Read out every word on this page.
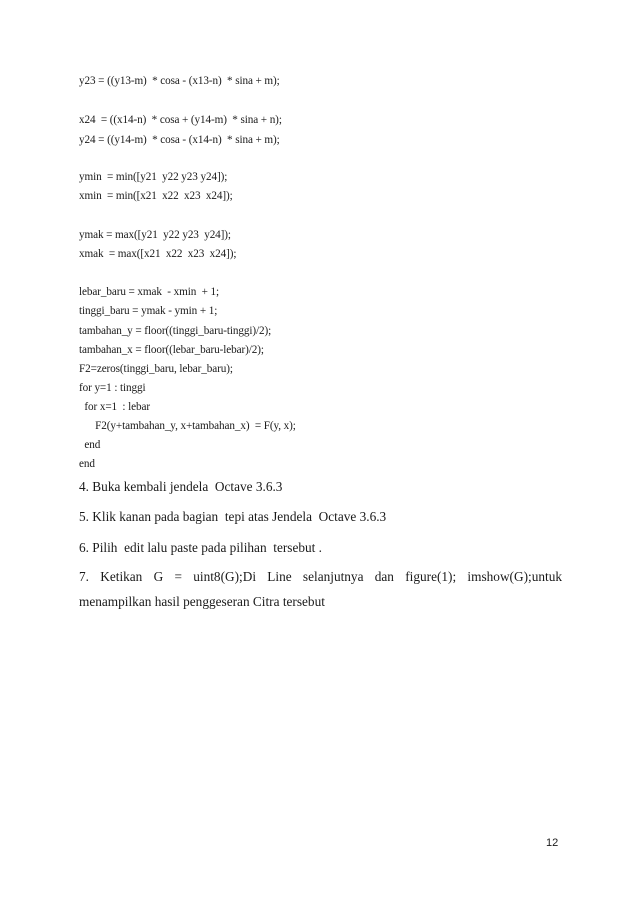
y23 = ((y13-m)  * cosa - (x13-n)  * sina + m);
x24  = ((x14-n)  * cosa + (y14-m)  * sina + n);
y24 = ((y14-m)  * cosa - (x14-n)  * sina + m);
ymin  = min([y21  y22 y23 y24]);
xmin  = min([x21  x22  x23  x24]);
ymak = max([y21  y22 y23  y24]);
xmak  = max([x21  x22  x23  x24]);
lebar_baru = xmak  - xmin  + 1;
tinggi_baru = ymak - ymin + 1;
tambahan_y = floor((tinggi_baru-tinggi)/2);
tambahan_x = floor((lebar_baru-lebar)/2);
F2=zeros(tinggi_baru, lebar_baru);
for y=1 : tinggi
for x=1  : lebar
F2(y+tambahan_y, x+tambahan_x)  = F(y, x);
end
end
4. Buka kembali jendela  Octave 3.6.3
5. Klik kanan pada bagian  tepi atas Jendela  Octave 3.6.3
6. Pilih  edit lalu paste pada pilihan  tersebut .
7. Ketikan G = uint8(G);Di Line selanjutnya dan figure(1); imshow(G);untuk menampilkan hasil penggeseran Citra tersebut
12
